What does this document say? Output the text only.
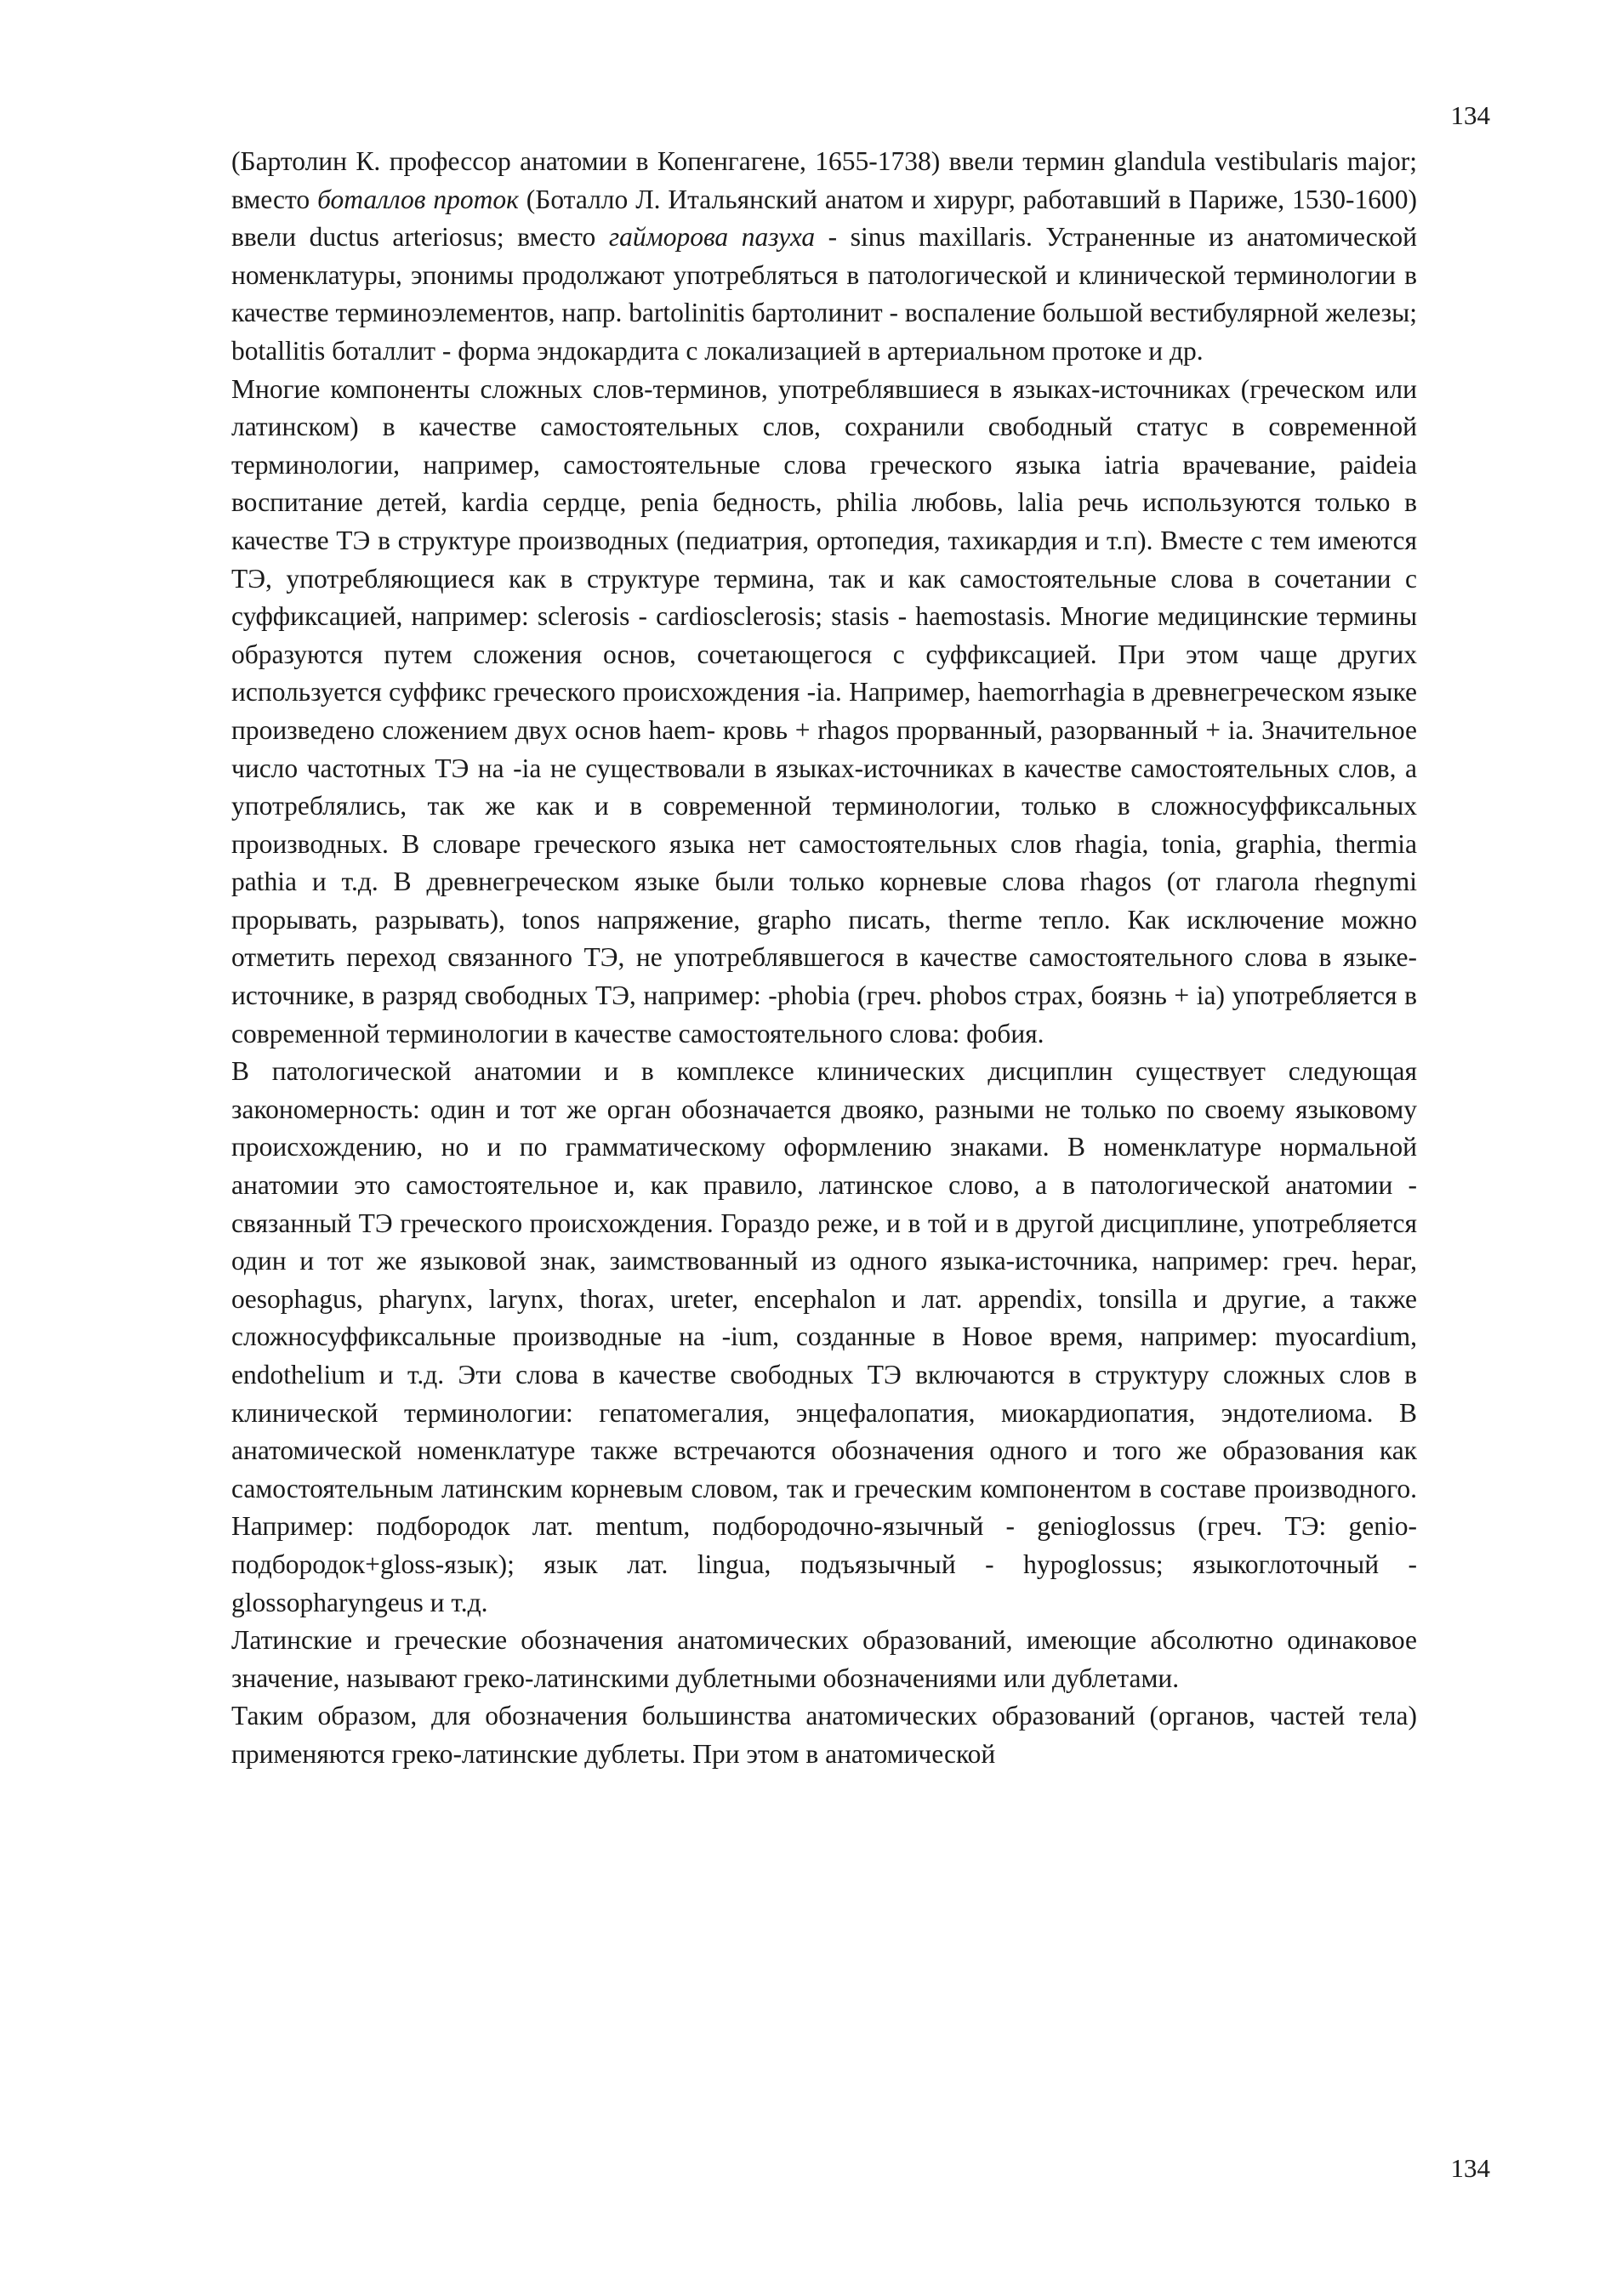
134

(Бартолин К. профессор анатомии в Копенгагене, 1655-1738) ввели термин glandula vestibularis major; вместо боталлов проток (Боталло Л. Итальянский анатом и хирург, работавший в Париже, 1530-1600) ввели ductus arteriosus; вместо гайморова пазуха - sinus maxillaris. Устраненные из анатомической номенклатуры, эпонимы продолжают употребляться в патологической и клинической терминологии в качестве терминоэлементов, напр. bartolinitis бартолинит - воспаление большой вестибулярной железы; botallitis боталлит - форма эндокардита с локализацией в артериальном протоке и др.

Многие компоненты сложных слов-терминов, употреблявшиеся в языках-источниках (греческом или латинском) в качестве самостоятельных слов, сохранили свободный статус в современной терминологии, например, самостоятельные слова греческого языка iatria врачевание, paideia воспитание детей, kardia сердце, penia бедность, philia любовь, lalia речь используются только в качестве ТЭ в структуре производных (педиатрия, ортопедия, тахикардия и т.п). Вместе с тем имеются ТЭ, употребляющиеся как в структуре термина, так и как самостоятельные слова в сочетании с суффиксацией, например: sclerosis - cardiosclerosis; stasis - haemostasis. Многие медицинские термины образуются путем сложения основ, сочетающегося с суффиксацией. При этом чаще других используется суффикс греческого происхождения -ia. Например, haemorrhagia в древнегреческом языке произведено сложением двух основ haem- кровь + rhagos прорванный, разорванный + ia. Значительное число частотных ТЭ на -ia не существовали в языках-источниках в качестве самостоятельных слов, а употреблялись, так же как и в современной терминологии, только в сложносуффиксальных производных. В словаре греческого языка нет самостоятельных слов rhagia, tonia, graphia, thermia pathia и т.д. В древнегреческом языке были только корневые слова rhagos (от глагола rhegnymi прорывать, разрывать), tonos напряжение, grapho писать, therme тепло. Как исключение можно отметить переход связанного ТЭ, не употреблявшегося в качестве самостоятельного слова в языке-источнике, в разряд свободных ТЭ, например: -phobia (греч. phobos страх, боязнь + ia) употребляется в современной терминологии в качестве самостоятельного слова: фобия.

В патологической анатомии и в комплексе клинических дисциплин существует следующая закономерность: один и тот же орган обозначается двояко, разными не только по своему языковому происхождению, но и по грамматическому оформлению знаками. В номенклатуре нормальной анатомии это самостоятельное и, как правило, латинское слово, а в патологической анатомии - связанный ТЭ греческого происхождения. Гораздо реже, и в той и в другой дисциплине, употребляется один и тот же языковой знак, заимствованный из одного языка-источника, например: греч. hepar, oesophagus, pharynx, larynx, thorax, ureter, encephalon и лат. appendix, tonsilla и другие, а также сложносуффиксальные производные на -ium, созданные в Новое время, например: myocardium, endothelium и т.д. Эти слова в качестве свободных ТЭ включаются в структуру сложных слов в клинической терминологии: гепатомегалия, энцефалопатия, миокардиопатия, эндотелиома. В анатомической номенклатуре также встречаются обозначения одного и того же образования как самостоятельным латинским корневым словом, так и греческим компонентом в составе производного. Например: подбородок лат. mentum, подбородочно-язычный - genioglossus (греч. ТЭ: genio- подбородок+gloss-язык); язык лат. lingua, подъязычный - hypoglossus; языкоглоточный - glossopharyngeus и т.д.

Латинские и греческие обозначения анатомических образований, имеющие абсолютно одинаковое значение, называют греко-латинскими дублетными обозначениями или дублетами.

Таким образом, для обозначения большинства анатомических образований (органов, частей тела) применяются греко-латинские дублеты. При этом в анатомической

134
